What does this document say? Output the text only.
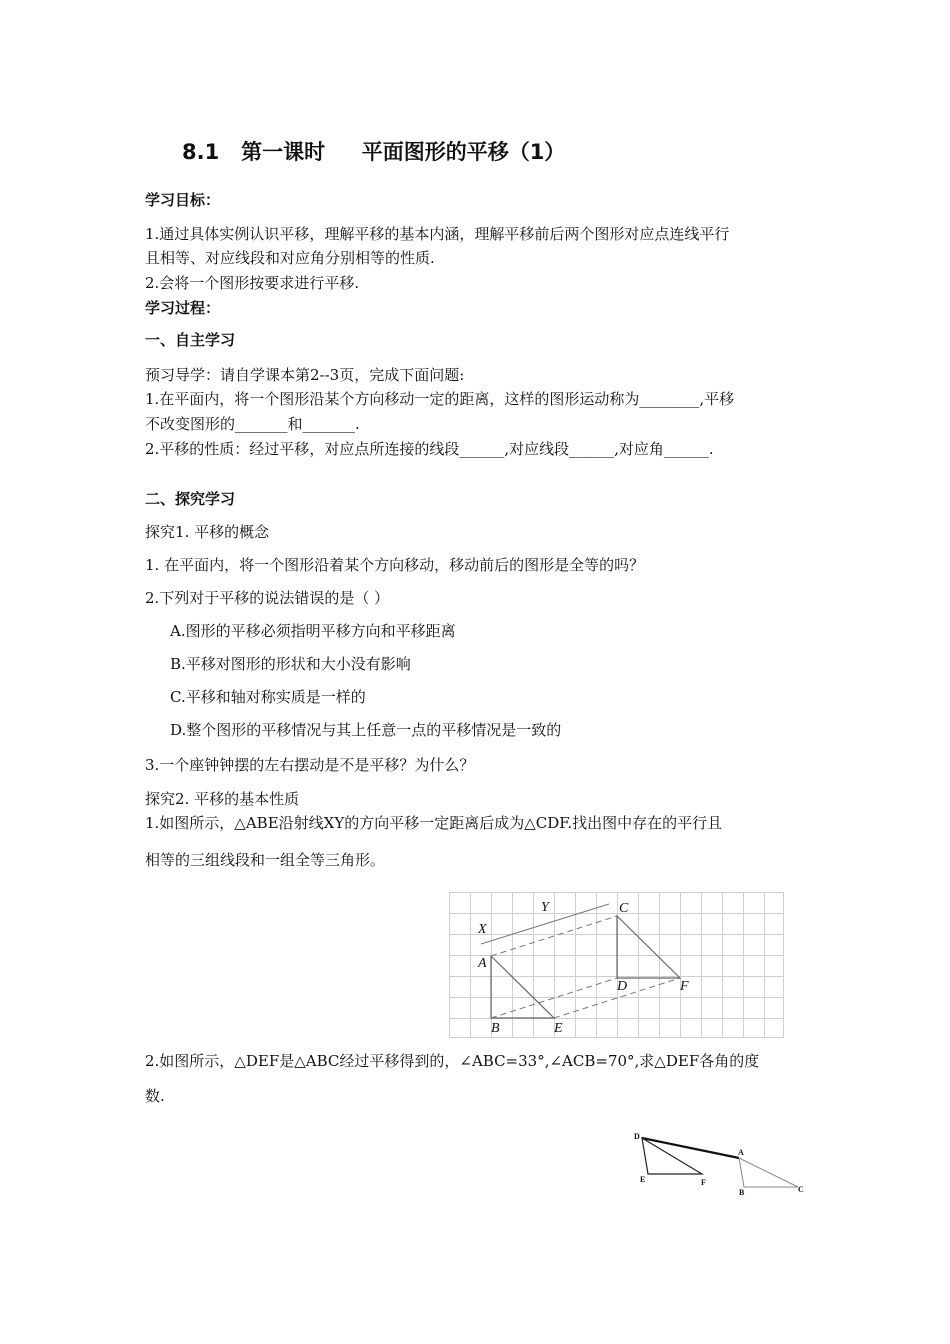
8.1   第一课时     平面图形的平移（1）
学习目标：
1.通过具体实例认识平移，理解平移的基本内涵，理解平移前后两个图形对应点连线平行
且相等、对应线段和对应角分别相等的性质.
2.会将一个图形按要求进行平移.
学习过程：
一、自主学习
预习导学：请自学课本第2--3页，完成下面问题:
1.在平面内，将一个图形沿某个方向移动一定的距离，这样的图形运动称为________,平移
不改变图形的_______和_______.
2.平移的性质：经过平移，对应点所连接的线段______,对应线段______,对应角______.
二、探究学习
探究1. 平移的概念
1. 在平面内，将一个图形沿着某个方向移动，移动前后的图形是全等的吗？
2.下列对于平移的说法错误的是（ ）
A.图形的平移必须指明平移方向和平移距离
B.平移对图形的形状和大小没有影响
C.平移和轴对称实质是一样的
D.整个图形的平移情况与其上任意一点的平移情况是一致的
3.一个座钟钟摆的左右摆动是不是平移？为什么？
探究2. 平移的基本性质
1.如图所示，△ABE沿射线XY的方向平移一定距离后成为△CDF.找出图中存在的平行且
相等的三组线段和一组全等三角形。
X
Y	C
A
D	F
B	E
2.如图所示，△DEF是△ABC经过平移得到的，∠ABC=33°,∠ACB=70°,求△DEF各角的度
数.
D
E	F
A
B	C
